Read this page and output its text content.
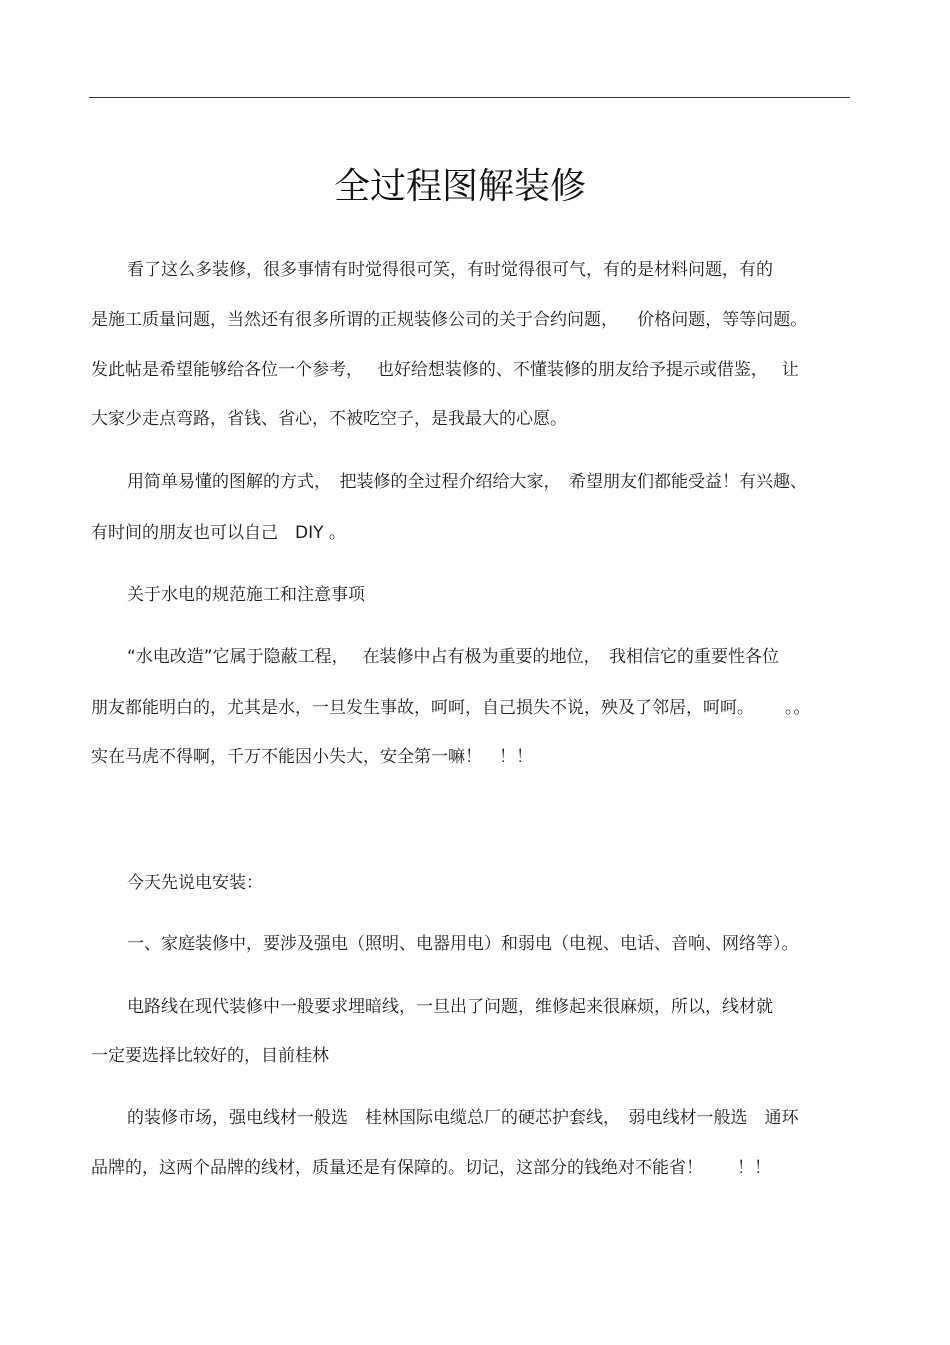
全过程图解装修
看了这么多装修，很多事情有时觉得很可笑，有时觉得很可气，有的是材料问题，有的
是施工质量问题，当然还有很多所谓的正规装修公司的关于合约问题，　  价格问题，等等问题。
发此帖是希望能够给各位一个参考，　 也好给想装修的、不懂装修的朋友给予提示或借鉴，　 让
大家少走点弯路，省钱、省心，不被吃空子，是我最大的心愿。
用简单易懂的图解的方式，　把装修的全过程介绍给大家，　希望朋友们都能受益！有兴趣、
有时间的朋友也可以自己　DIY 。
关于水电的规范施工和注意事项
“水电改造”它属于隐蔽工程，　 在装修中占有极为重要的地位，　我相信它的重要性各位
朋友都能明白的，尤其是水，一旦发生事故，呵呵，自己损失不说，殃及了邻居，呵呵。　　 。。
实在马虎不得啊，千万不能因小失大，安全第一嘛！　！！
今天先说电安装：
一、家庭装修中，要涉及强电（照明、电器用电）和弱电（电视、电话、音响、网络等）。
电路线在现代装修中一般要求埋暗线，一旦出了问题，维修起来很麻烦，所以，线材就
一定要选择比较好的，目前桂林
的装修市场，强电线材一般选　桂林国际电缆总厂的硬芯护套线，　弱电线材一般选　通环
品牌的，这两个品牌的线材，质量还是有保障的。切记，这部分的钱绝对不能省！　　！！
